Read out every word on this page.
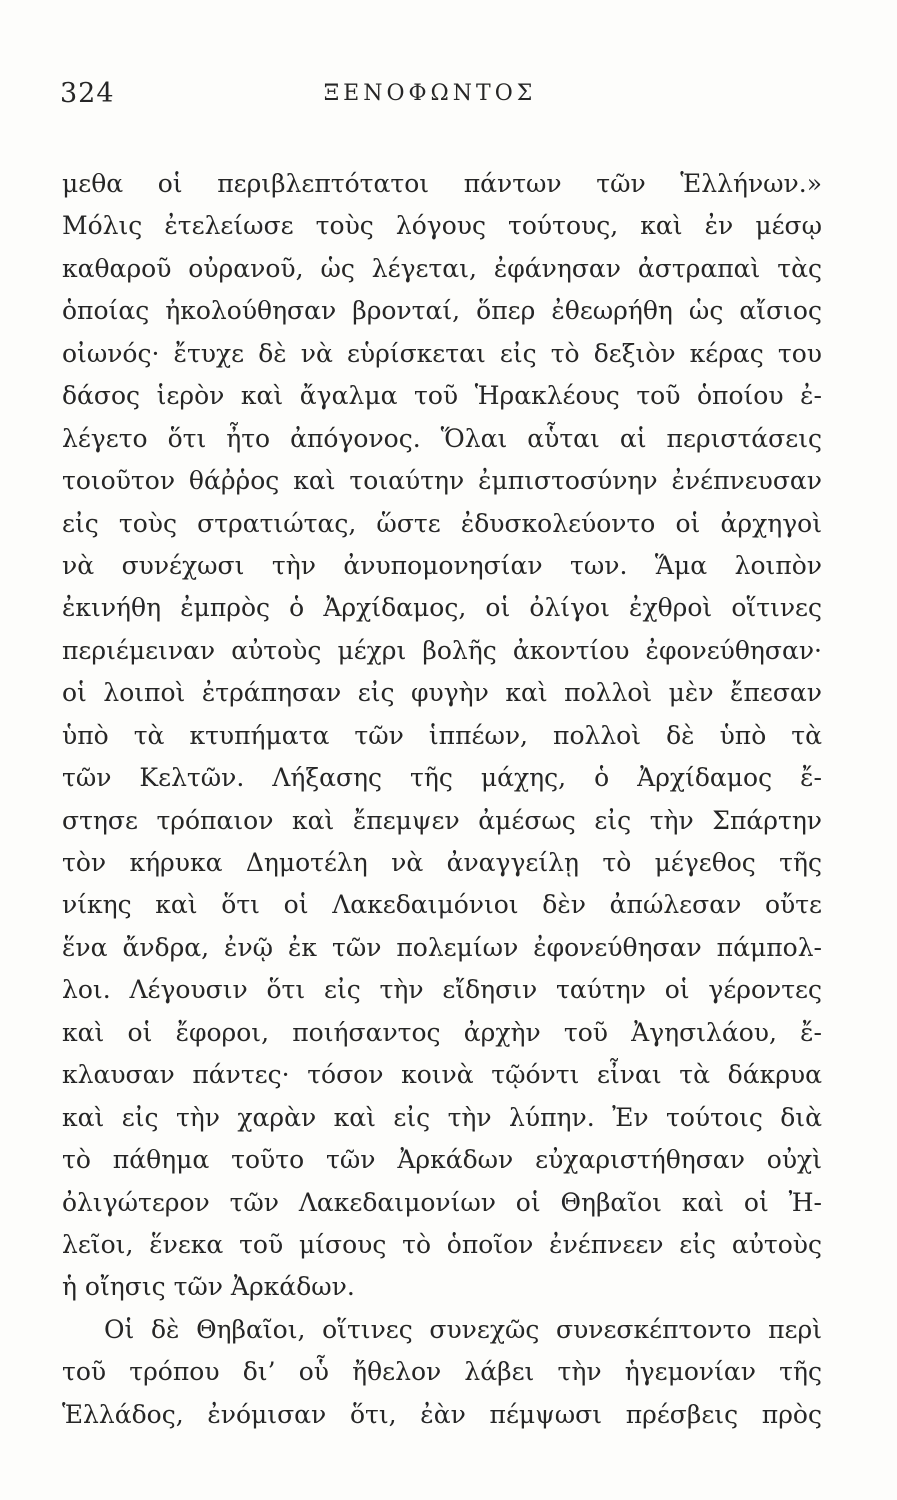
324	ΞΕΝΟΦΩΝΤΟΣ
μεθα οἱ περιβλεπτότατοι πάντων τῶν Ἑλλήνων.»
Μόλις ἐτελείωσε τοὺς λόγους τούτους, καὶ ἐν μέσῳ
καθαροῦ οὐρανοῦ, ὡς λέγεται, ἐφάνησαν ἀστραπαὶ τὰς
ὁποίας ἠκολούθησαν βρονταί, ὅπερ ἐθεωρήθη ὡς αἴσιος
οἰωνός· ἔτυχε δὲ νὰ εὑρίσκεται εἰς τὸ δεξιὸν κέρας του
δάσος ἱερὸν καὶ ἄγαλμα τοῦ Ἡρακλέους τοῦ ὁποίου ἐ-
λέγετο ὅτι ἦτο ἀπόγονος. Ὅλαι αὗται αἱ περιστάσεις
τοιοῦτον θάῤῥος καὶ τοιαύτην ἐμπιστοσύνην ἐνέπνευσαν
εἰς τοὺς στρατιώτας, ὥστε ἐδυσκολεύοντο οἱ ἀρχηγοὶ
νὰ συνέχωσι τὴν ἀνυπομονησίαν των. Ἅμα λοιπὸν
ἐκινήθη ἐμπρὸς ὁ Ἀρχίδαμος, οἱ ὀλίγοι ἐχθροὶ οἵτινες
περιέμειναν αὐτοὺς μέχρι βολῆς ἀκοντίου ἐφονεύθησαν·
οἱ λοιποὶ ἐτράπησαν εἰς φυγὴν καὶ πολλοὶ μὲν ἔπεσαν
ὑπὸ τὰ κτυπήματα τῶν ἱππέων, πολλοὶ δὲ ὑπὸ τὰ
τῶν Κελτῶν. Λήξασης τῆς μάχης, ὁ Ἀρχίδαμος ἔ-
στησε τρόπαιον καὶ ἔπεμψεν ἀμέσως εἰς τὴν Σπάρτην
τὸν κήρυκα Δημοτέλη νὰ ἀναγγείλῃ τὸ μέγεθος τῆς
νίκης καὶ ὅτι οἱ Λακεδαιμόνιοι δὲν ἀπώλεσαν οὔτε
ἕνα ἄνδρα, ἐνῷ ἐκ τῶν πολεμίων ἐφονεύθησαν πάμπολ-
λοι. Λέγουσιν ὅτι εἰς τὴν εἴδησιν ταύτην οἱ γέροντες
καὶ οἱ ἔφοροι, ποιήσαντος ἀρχὴν τοῦ Ἀγησιλάου, ἔ-
κλαυσαν πάντες· τόσον κοινὰ τῷόντι εἶναι τὰ δάκρυα
καὶ εἰς τὴν χαρὰν καὶ εἰς τὴν λύπην. Ἐν τούτοις διὰ
τὸ πάθημα τοῦτο τῶν Ἀρκάδων εὐχαριστήθησαν οὐχὶ
ὀλιγώτερον τῶν Λακεδαιμονίων οἱ Θηβαῖοι καὶ οἱ Ἠ-
λεῖοι, ἕνεκα τοῦ μίσους τὸ ὁποῖον ἐνέπνεεν εἰς αὐτοὺς
ἡ οἴησις τῶν Ἀρκάδων.
Οἱ δὲ Θηβαῖοι, οἵτινες συνεχῶς συνεσκέπτοντο περὶ
τοῦ τρόπου δι’ οὗ ἤθελον λάβει τὴν ἡγεμονίαν τῆς
Ἑλλάδος, ἐνόμισαν ὅτι, ἐὰν πέμψωσι πρέσβεις πρὸς
